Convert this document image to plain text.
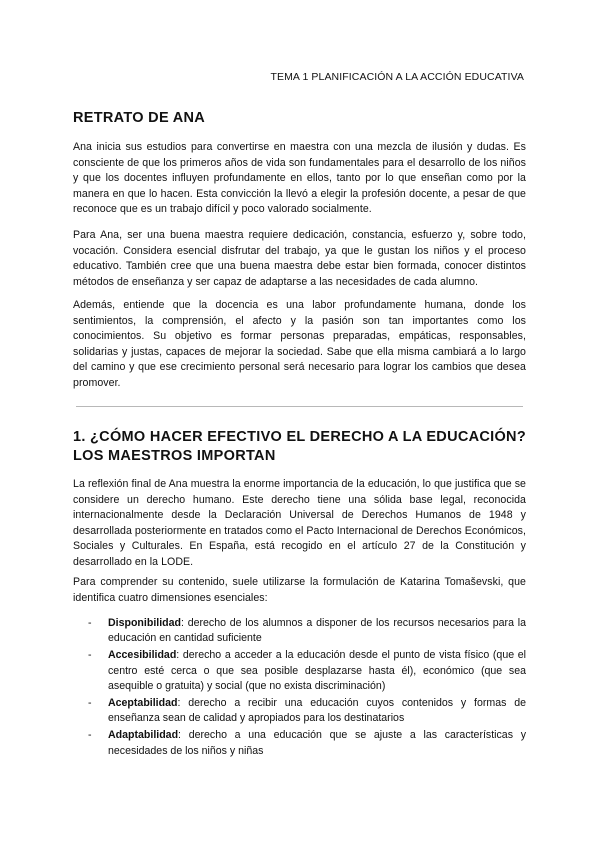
TEMA 1 PLANIFICACIÓN A LA ACCIÓN EDUCATIVA
RETRATO DE ANA

Ana inicia sus estudios para convertirse en maestra con una mezcla de ilusión y dudas. Es consciente de que los primeros años de vida son fundamentales para el desarrollo de los niños y que los docentes influyen profundamente en ellos, tanto por lo que enseñan como por la manera en que lo hacen. Esta convicción la llevó a elegir la profesión docente, a pesar de que reconoce que es un trabajo difícil y poco valorado socialmente.

Para Ana, ser una buena maestra requiere dedicación, constancia, esfuerzo y, sobre todo, vocación. Considera esencial disfrutar del trabajo, ya que le gustan los niños y el proceso educativo. También cree que una buena maestra debe estar bien formada, conocer distintos métodos de enseñanza y ser capaz de adaptarse a las necesidades de cada alumno.

Además, entiende que la docencia es una labor profundamente humana, donde los sentimientos, la comprensión, el afecto y la pasión son tan importantes como los conocimientos. Su objetivo es formar personas preparadas, empáticas, responsables, solidarias y justas, capaces de mejorar la sociedad. Sabe que ella misma cambiará a lo largo del camino y que ese crecimiento personal será necesario para lograr los cambios que desea promover.

1. ¿CÓMO HACER EFECTIVO EL DERECHO A LA EDUCACIÓN? LOS MAESTROS IMPORTAN

La reflexión final de Ana muestra la enorme importancia de la educación, lo que justifica que se considere un derecho humano. Este derecho tiene una sólida base legal, reconocida internacionalmente desde la Declaración Universal de Derechos Humanos de 1948 y desarrollada posteriormente en tratados como el Pacto Internacional de Derechos Económicos, Sociales y Culturales. En España, está recogido en el artículo 27 de la Constitución y desarrollado en la LODE.

Para comprender su contenido, suele utilizarse la formulación de Katarina Tomaševski, que identifica cuatro dimensiones esenciales:

- Disponibilidad: derecho de los alumnos a disponer de los recursos necesarios para la educación en cantidad suficiente
- Accesibilidad: derecho a acceder a la educación desde el punto de vista físico (que el centro esté cerca o que sea posible desplazarse hasta él), económico (que sea asequible o gratuita) y social (que no exista discriminación)
- Aceptabilidad: derecho a recibir una educación cuyos contenidos y formas de enseñanza sean de calidad y apropiados para los destinatarios
- Adaptabilidad: derecho a una educación que se ajuste a las características y necesidades de los niños y niñas
